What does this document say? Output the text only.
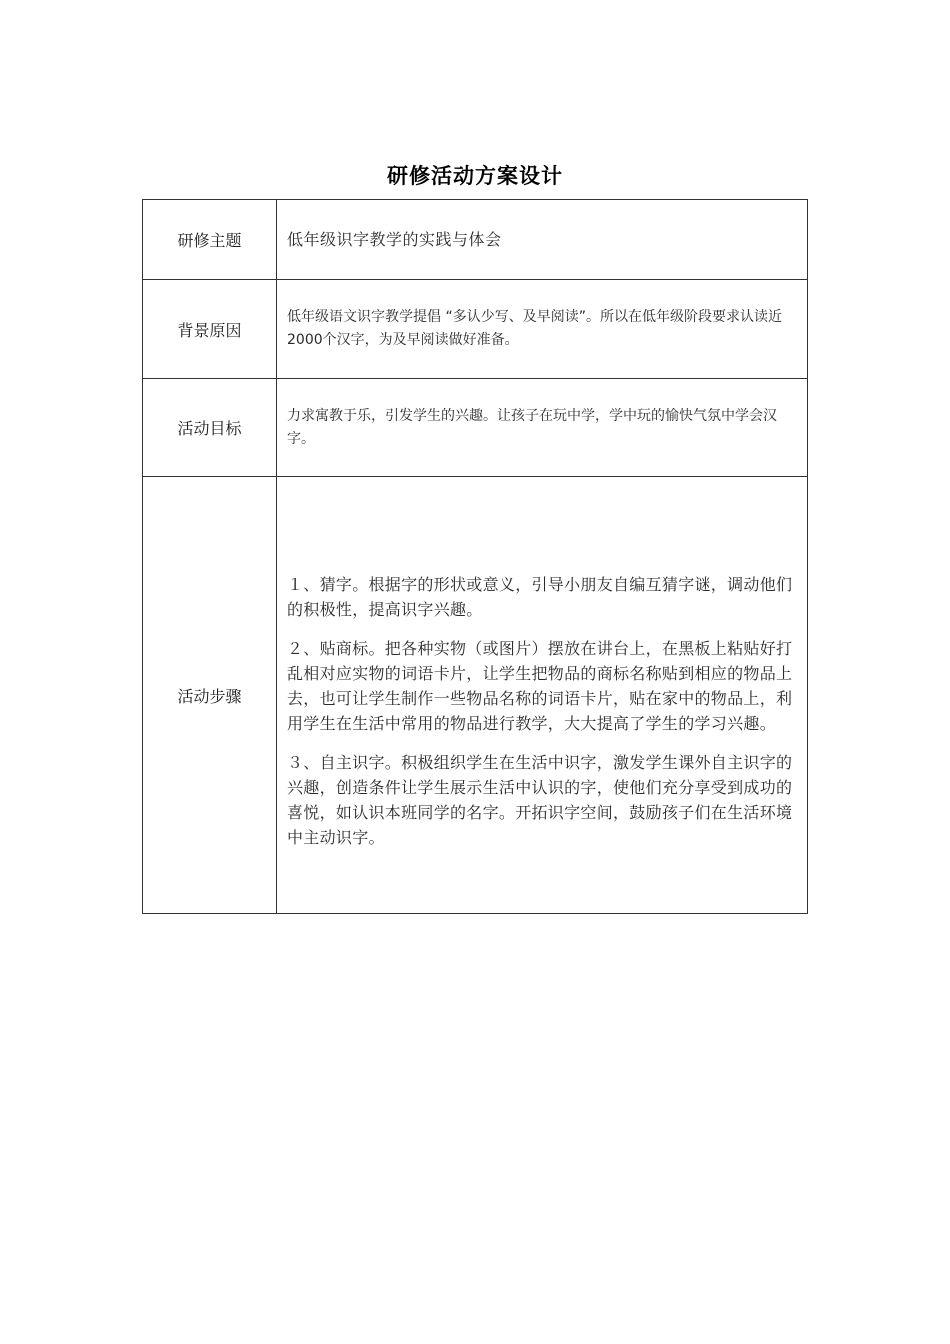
研修活动方案设计
研修主题	低年级识字教学的实践与体会
背景原因	低年级语文识字教学提倡 “多认少写、及早阅读”。所以在低年级阶段要求认读近2000个汉字，为及早阅读做好准备。
活动目标	力求寓教于乐，引发学生的兴趣。让孩子在玩中学，学中玩的愉快气氛中学会汉字。
活动步骤	１、猜字。根据字的形状或意义，引导小朋友自编互猜字谜，调动他们的积极性，提高识字兴趣。

２、贴商标。把各种实物（或图片）摆放在讲台上，在黑板上粘贴好打乱相对应实物的词语卡片，让学生把物品的商标名称贴到相应的物品上去，也可让学生制作一些物品名称的词语卡片，贴在家中的物品上，利用学生在生活中常用的物品进行教学，大大提高了学生的学习兴趣。

３、自主识字。积极组织学生在生活中识字，激发学生课外自主识字的兴趣，创造条件让学生展示生活中认识的字，使他们充分享受到成功的喜悦，如认识本班同学的名字。开拓识字空间，鼓励孩子们在生活环境中主动识字。
